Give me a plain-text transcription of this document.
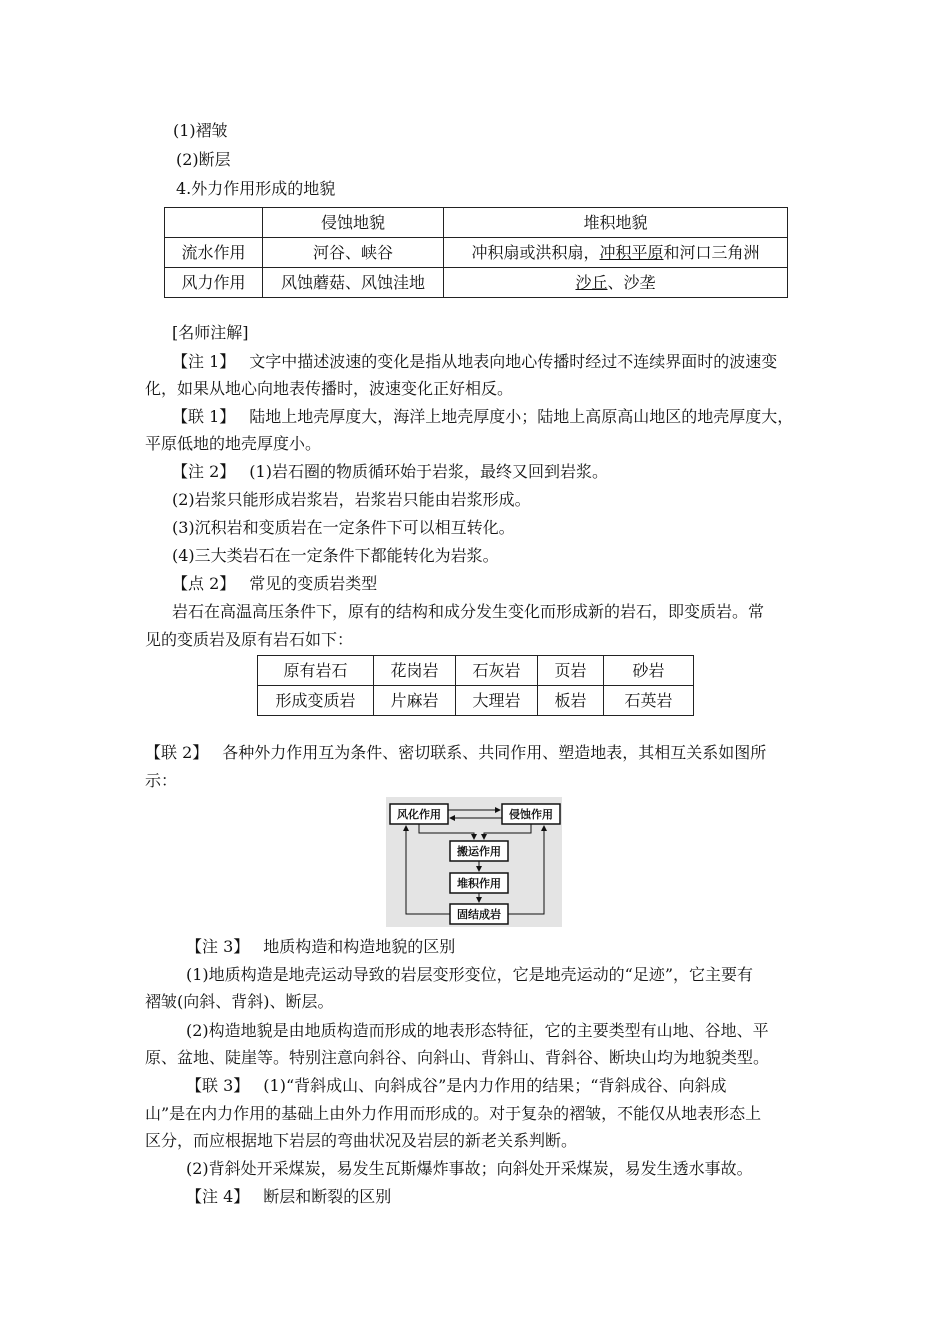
(1)褶皱
(2)断层
4.外力作用形成的地貌
	侵蚀地貌	堆积地貌
流水作用	河谷、峡谷	冲积扇或洪积扇，冲积平原和河口三角洲
风力作用	风蚀蘑菇、风蚀洼地	沙丘、沙垄
[名师注解]
【注 1】 文字中描述波速的变化是指从地表向地心传播时经过不连续界面时的波速变
化，如果从地心向地表传播时，波速变化正好相反。
【联 1】 陆地上地壳厚度大，海洋上地壳厚度小；陆地上高原高山地区的地壳厚度大，
平原低地的地壳厚度小。
【注 2】 (1)岩石圈的物质循环始于岩浆，最终又回到岩浆。
(2)岩浆只能形成岩浆岩，岩浆岩只能由岩浆形成。
(3)沉积岩和变质岩在一定条件下可以相互转化。
(4)三大类岩石在一定条件下都能转化为岩浆。
【点 2】 常见的变质岩类型
岩石在高温高压条件下，原有的结构和成分发生变化而形成新的岩石，即变质岩。常
见的变质岩及原有岩石如下：
原有岩石	花岗岩	石灰岩	页岩	砂岩
形成变质岩	片麻岩	大理岩	板岩	石英岩
【联 2】 各种外力作用互为条件、密切联系、共同作用、塑造地表，其相互关系如图所
示：
风化作用	侵蚀作用
搬运作用
堆积作用
固结成岩
【注 3】 地质构造和构造地貌的区别
(1)地质构造是地壳运动导致的岩层变形变位，它是地壳运动的“足迹”，它主要有
褶皱(向斜、背斜)、断层。
(2)构造地貌是由地质构造而形成的地表形态特征，它的主要类型有山地、谷地、平
原、盆地、陡崖等。特别注意向斜谷、向斜山、背斜山、背斜谷、断块山均为地貌类型。
【联 3】 (1)“背斜成山、向斜成谷”是内力作用的结果；“背斜成谷、向斜成
山”是在内力作用的基础上由外力作用而形成的。对于复杂的褶皱，不能仅从地表形态上
区分，而应根据地下岩层的弯曲状况及岩层的新老关系判断。
(2)背斜处开采煤炭，易发生瓦斯爆炸事故；向斜处开采煤炭，易发生透水事故。
【注 4】 断层和断裂的区别
